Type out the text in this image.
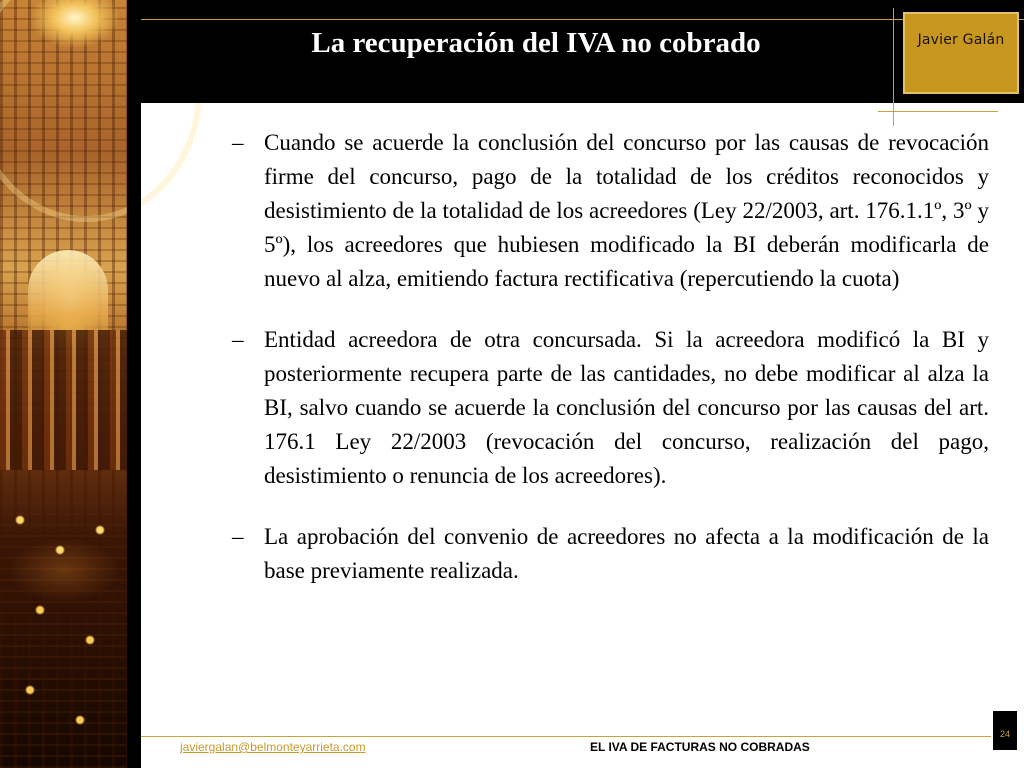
La recuperación del IVA no cobrado	Javier Galán
– Cuando se acuerde la conclusión del concurso por las causas de revocación firme del concurso, pago de la totalidad de los créditos reconocidos y desistimiento de la totalidad de los acreedores (Ley 22/2003, art. 176.1.1º, 3º y 5º), los acreedores que hubiesen modificado la BI deberán modificarla de nuevo al alza, emitiendo factura rectificativa (repercutiendo la cuota)
– Entidad acreedora de otra concursada. Si la acreedora modificó la BI y posteriormente recupera parte de las cantidades, no debe modificar al alza la BI, salvo cuando se acuerde la conclusión del concurso por las causas del art. 176.1 Ley 22/2003 (revocación del concurso, realización del pago, desistimiento o renuncia de los acreedores).
– La aprobación del convenio de acreedores no afecta a la modificación de la base previamente realizada.
javiergalan@belmonteyarrieta.com	EL IVA DE FACTURAS NO COBRADAS
24
